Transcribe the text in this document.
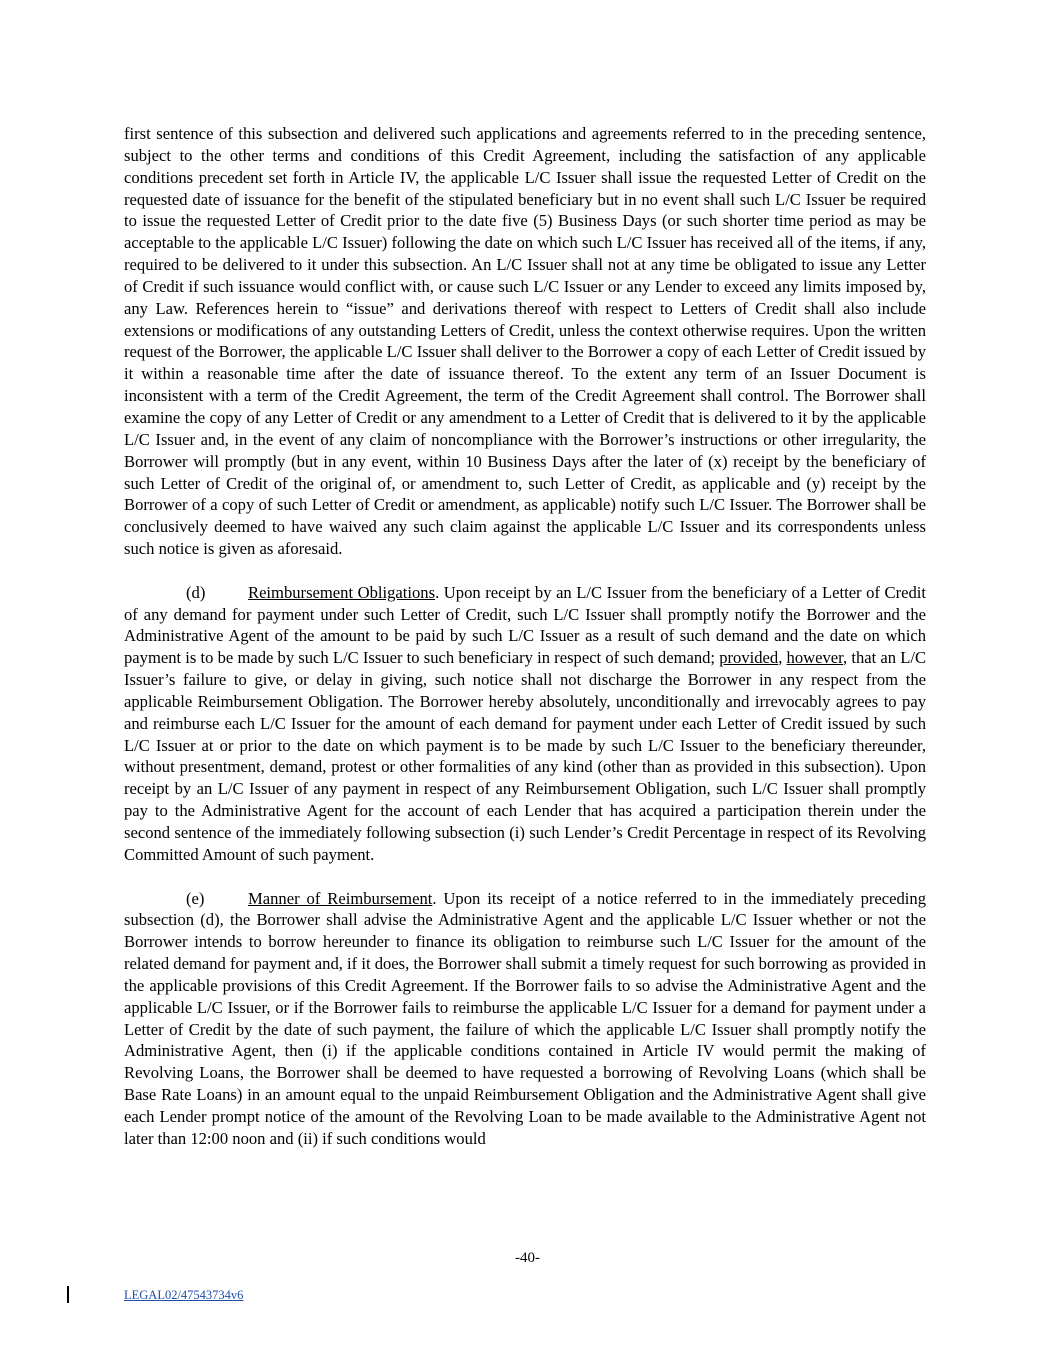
first sentence of this subsection and delivered such applications and agreements referred to in the preceding sentence, subject to the other terms and conditions of this Credit Agreement, including the satisfaction of any applicable conditions precedent set forth in Article IV, the applicable L/C Issuer shall issue the requested Letter of Credit on the requested date of issuance for the benefit of the stipulated beneficiary but in no event shall such L/C Issuer be required to issue the requested Letter of Credit prior to the date five (5) Business Days (or such shorter time period as may be acceptable to the applicable L/C Issuer) following the date on which such L/C Issuer has received all of the items, if any, required to be delivered to it under this subsection. An L/C Issuer shall not at any time be obligated to issue any Letter of Credit if such issuance would conflict with, or cause such L/C Issuer or any Lender to exceed any limits imposed by, any Law. References herein to “issue” and derivations thereof with respect to Letters of Credit shall also include extensions or modifications of any outstanding Letters of Credit, unless the context otherwise requires. Upon the written request of the Borrower, the applicable L/C Issuer shall deliver to the Borrower a copy of each Letter of Credit issued by it within a reasonable time after the date of issuance thereof. To the extent any term of an Issuer Document is inconsistent with a term of the Credit Agreement, the term of the Credit Agreement shall control. The Borrower shall examine the copy of any Letter of Credit or any amendment to a Letter of Credit that is delivered to it by the applicable L/C Issuer and, in the event of any claim of noncompliance with the Borrower’s instructions or other irregularity, the Borrower will promptly (but in any event, within 10 Business Days after the later of (x) receipt by the beneficiary of such Letter of Credit of the original of, or amendment to, such Letter of Credit, as applicable and (y) receipt by the Borrower of a copy of such Letter of Credit or amendment, as applicable) notify such L/C Issuer. The Borrower shall be conclusively deemed to have waived any such claim against the applicable L/C Issuer and its correspondents unless such notice is given as aforesaid.

(d)	Reimbursement Obligations. Upon receipt by an L/C Issuer from the beneficiary of a Letter of Credit of any demand for payment under such Letter of Credit, such L/C Issuer shall promptly notify the Borrower and the Administrative Agent of the amount to be paid by such L/C Issuer as a result of such demand and the date on which payment is to be made by such L/C Issuer to such beneficiary in respect of such demand; provided, however, that an L/C Issuer’s failure to give, or delay in giving, such notice shall not discharge the Borrower in any respect from the applicable Reimbursement Obligation. The Borrower hereby absolutely, unconditionally and irrevocably agrees to pay and reimburse each L/C Issuer for the amount of each demand for payment under each Letter of Credit issued by such L/C Issuer at or prior to the date on which payment is to be made by such L/C Issuer to the beneficiary thereunder, without presentment, demand, protest or other formalities of any kind (other than as provided in this subsection). Upon receipt by an L/C Issuer of any payment in respect of any Reimbursement Obligation, such L/C Issuer shall promptly pay to the Administrative Agent for the account of each Lender that has acquired a participation therein under the second sentence of the immediately following subsection (i) such Lender’s Credit Percentage in respect of its Revolving Committed Amount of such payment.

(e)	Manner of Reimbursement. Upon its receipt of a notice referred to in the immediately preceding subsection (d), the Borrower shall advise the Administrative Agent and the applicable L/C Issuer whether or not the Borrower intends to borrow hereunder to finance its obligation to reimburse such L/C Issuer for the amount of the related demand for payment and, if it does, the Borrower shall submit a timely request for such borrowing as provided in the applicable provisions of this Credit Agreement. If the Borrower fails to so advise the Administrative Agent and the applicable L/C Issuer, or if the Borrower fails to reimburse the applicable L/C Issuer for a demand for payment under a Letter of Credit by the date of such payment, the failure of which the applicable L/C Issuer shall promptly notify the Administrative Agent, then (i) if the applicable conditions contained in Article IV would permit the making of Revolving Loans, the Borrower shall be deemed to have requested a borrowing of Revolving Loans (which shall be Base Rate Loans) in an amount equal to the unpaid Reimbursement Obligation and the Administrative Agent shall give each Lender prompt notice of the amount of the Revolving Loan to be made available to the Administrative Agent not later than 12:00 noon and (ii) if such conditions would

-40-
LEGAL02/47543734v6
